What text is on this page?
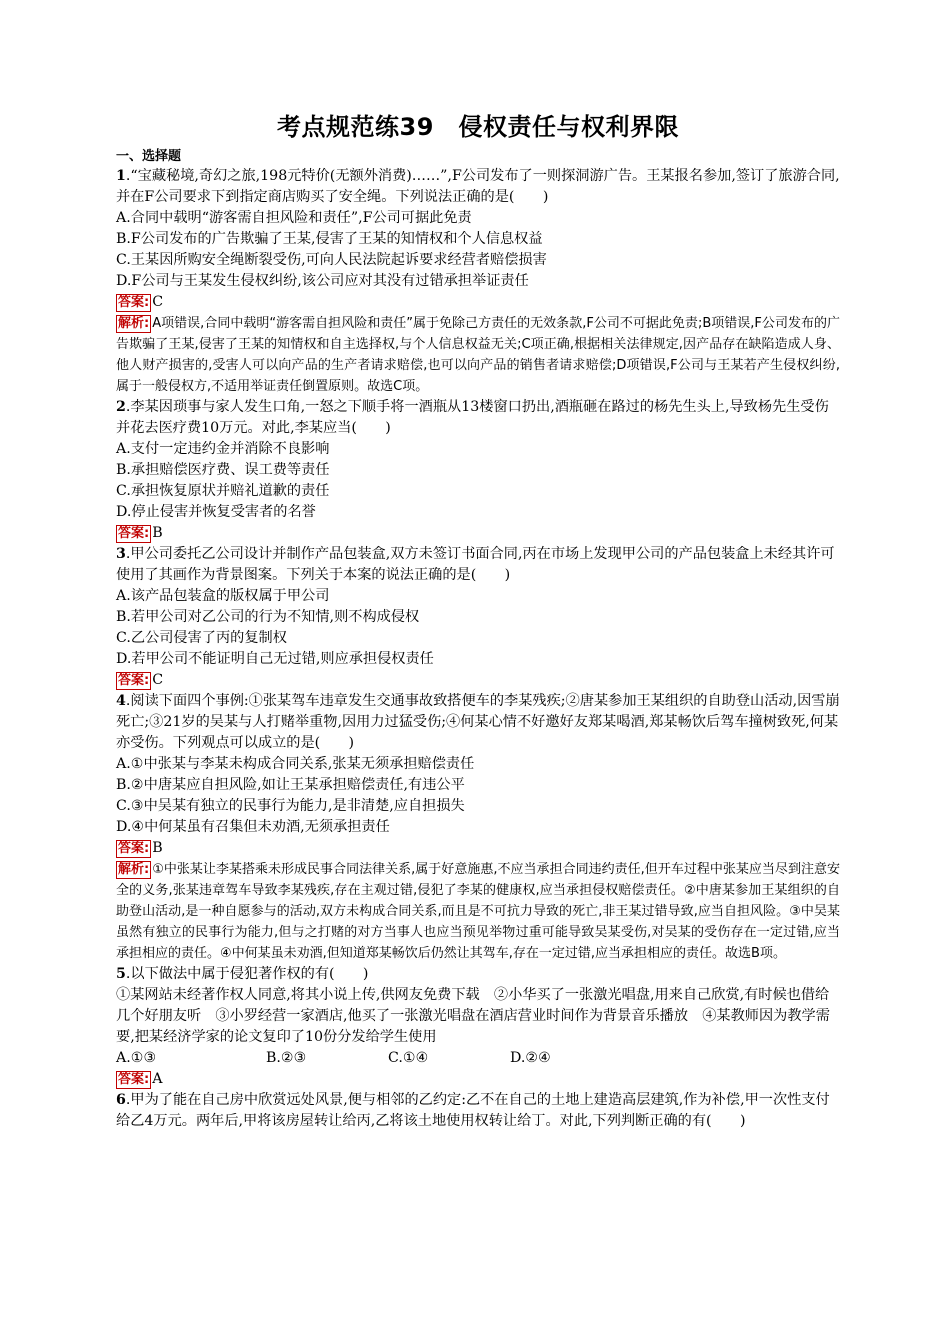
考点规范练39　侵权责任与权利界限
一、选择题
1.“宝藏秘境,奇幻之旅,198元特价(无额外消费)……”,F公司发布了一则探洞游广告。王某报名参加,签订了旅游合同,并在F公司要求下到指定商店购买了安全绳。下列说法正确的是(　　)
A.合同中载明“游客需自担风险和责任”,F公司可据此免责
B.F公司发布的广告欺骗了王某,侵害了王某的知情权和个人信息权益
C.王某因所购安全绳断裂受伤,可向人民法院起诉要求经营者赔偿损害
D.F公司与王某发生侵权纠纷,该公司应对其没有过错承担举证责任
答案: C
解析: A项错误,合同中载明“游客需自担风险和责任”属于免除己方责任的无效条款,F公司不可据此免责;B项错误,F公司发布的广告欺骗了王某,侵害了王某的知情权和自主选择权,与个人信息权益无关;C项正确,根据相关法律规定,因产品存在缺陷造成人身、他人财产损害的,受害人可以向产品的生产者请求赔偿,也可以向产品的销售者请求赔偿;D项错误,F公司与王某若产生侵权纠纷,属于一般侵权方,不适用举证责任倒置原则。故选C项。
2.李某因琐事与家人发生口角,一怒之下顺手将一酒瓶从13楼窗口扔出,酒瓶砸在路过的杨先生头上,导致杨先生受伤并花去医疗费10万元。对此,李某应当(　　)
A.支付一定违约金并消除不良影响
B.承担赔偿医疗费、误工费等责任
C.承担恢复原状并赔礼道歉的责任
D.停止侵害并恢复受害者的名誉
答案: B
3.甲公司委托乙公司设计并制作产品包装盒,双方未签订书面合同,丙在市场上发现甲公司的产品包装盒上未经其许可使用了其画作为背景图案。下列关于本案的说法正确的是(　　)
A.该产品包装盒的版权属于甲公司
B.若甲公司对乙公司的行为不知情,则不构成侵权
C.乙公司侵害了丙的复制权
D.若甲公司不能证明自己无过错,则应承担侵权责任
答案: C
4.阅读下面四个事例:①张某驾车违章发生交通事故致搭便车的李某残疾;②唐某参加王某组织的自助登山活动,因雪崩死亡;③21岁的吴某与人打赌举重物,因用力过猛受伤;④何某心情不好邀好友郑某喝酒,郑某畅饮后驾车撞树致死,何某亦受伤。下列观点可以成立的是(　　)
A.①中张某与李某未构成合同关系,张某无须承担赔偿责任
B.②中唐某应自担风险,如让王某承担赔偿责任,有违公平
C.③中吴某有独立的民事行为能力,是非清楚,应自担损失
D.④中何某虽有召集但未劝酒,无须承担责任
答案: B
解析: ①中张某让李某搭乘未形成民事合同法律关系,属于好意施惠,不应当承担合同违约责任,但开车过程中张某应当尽到注意安全的义务,张某违章驾车导致李某残疾,存在主观过错,侵犯了李某的健康权,应当承担侵权赔偿责任。②中唐某参加王某组织的自助登山活动,是一种自愿参与的活动,双方未构成合同关系,而且是不可抗力导致的死亡,非王某过错导致,应当自担风险。③中吴某虽然有独立的民事行为能力,但与之打赌的对方当事人也应当预见举物过重可能导致吴某受伤,对吴某的受伤存在一定过错,应当承担相应的责任。④中何某虽未劝酒,但知道郑某畅饮后仍然让其驾车,存在一定过错,应当承担相应的责任。故选B项。
5.以下做法中属于侵犯著作权的有(　　)
①某网站未经著作权人同意,将其小说上传,供网友免费下载　②小华买了一张激光唱盘,用来自己欣赏,有时候也借给几个好朋友听　③小罗经营一家酒店,他买了一张激光唱盘在酒店营业时间作为背景音乐播放　④某教师因为教学需要,把某经济学家的论文复印了10份分发给学生使用
A.①③	B.②③	C.①④	D.②④
答案: A
6.甲为了能在自己房中欣赏远处风景,便与相邻的乙约定:乙不在自己的土地上建造高层建筑,作为补偿,甲一次性支付给乙4万元。两年后,甲将该房屋转让给丙,乙将该土地使用权转让给丁。对此,下列判断正确的有(　　)
